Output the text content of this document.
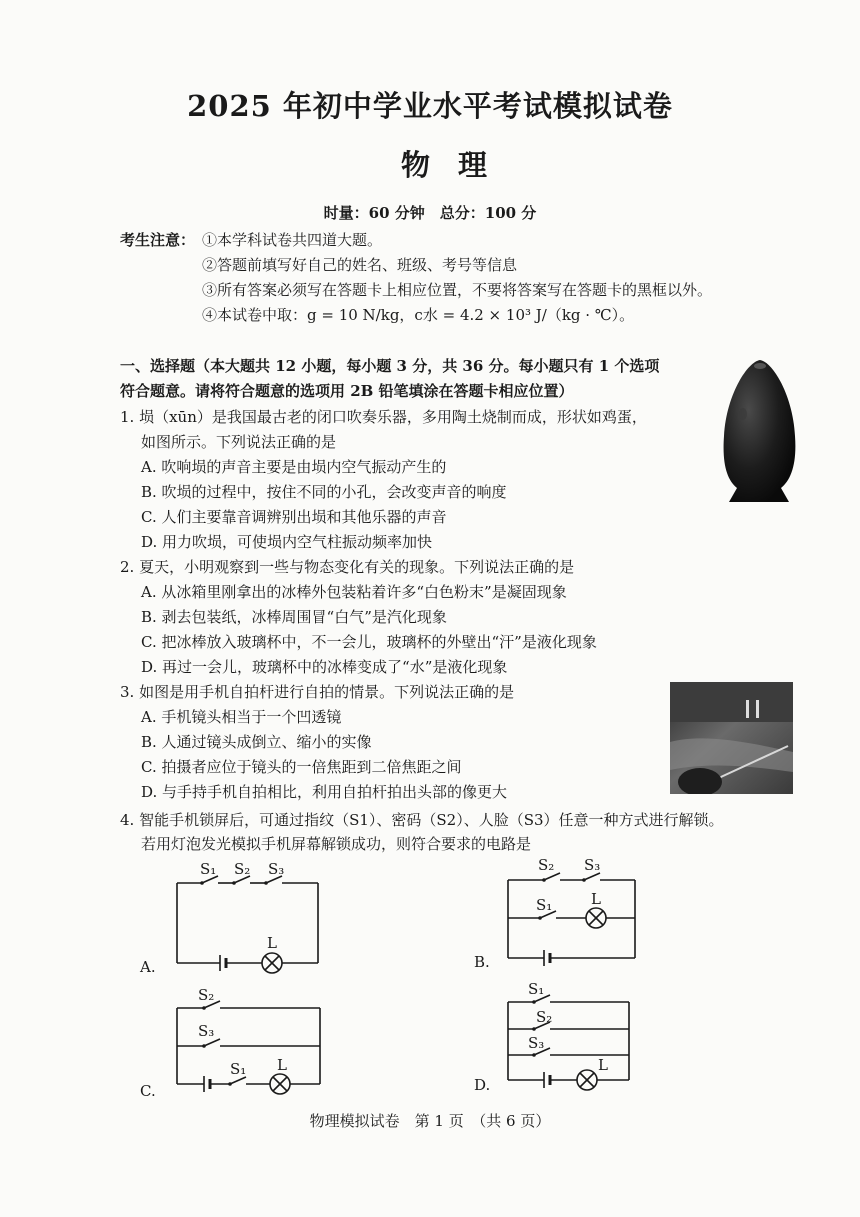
2025 年初中学业水平考试模拟试卷
物理
时量：60 分钟　总分：100 分
考生注意： ①本学科试卷共四道大题。
②答题前填写好自己的姓名、班级、考号等信息
③所有答案必须写在答题卡上相应位置，不要将答案写在答题卡的黑框以外。
④本试卷中取：g = 10 N/kg，c水 = 4.2 × 10³ J/（kg · ℃）。
一、选择题（本大题共 12 小题，每小题 3 分，共 36 分。每小题只有 1 个选项
符合题意。请将符合题意的选项用 2B 铅笔填涂在答题卡相应位置）
1. 埙（xūn）是我国最古老的闭口吹奏乐器，多用陶土烧制而成，形状如鸡蛋，
如图所示。下列说法正确的是
A. 吹响埙的声音主要是由埙内空气振动产生的
B. 吹埙的过程中，按住不同的小孔，会改变声音的响度
C. 人们主要靠音调辨别出埙和其他乐器的声音
D. 用力吹埙，可使埙内空气柱振动频率加快
2. 夏天，小明观察到一些与物态变化有关的现象。下列说法正确的是
A. 从冰箱里刚拿出的冰棒外包装粘着许多“白色粉末”是凝固现象
B. 剥去包装纸，冰棒周围冒“白气”是汽化现象
C. 把冰棒放入玻璃杯中，不一会儿，玻璃杯的外壁出“汗”是液化现象
D. 再过一会儿，玻璃杯中的冰棒变成了“水”是液化现象
3. 如图是用手机自拍杆进行自拍的情景。下列说法正确的是
A. 手机镜头相当于一个凹透镜
B. 人通过镜头成倒立、缩小的实像
C. 拍摄者应位于镜头的一倍焦距到二倍焦距之间
D. 与手持手机自拍相比，利用自拍杆拍出头部的像更大
4. 智能手机锁屏后，可通过指纹（S1）、密码（S2）、人脸（S3）任意一种方式进行解锁。
若用灯泡发光模拟手机屏幕解锁成功，则符合要求的电路是
S₁ S₂ S₃
L
A.
S₂ S₃
S₁	L
B.
S₂
S₃
S₁ L
C.
S₁
S₂
S₃
L
D.
物理模拟试卷　第 1 页　（共 6 页）
